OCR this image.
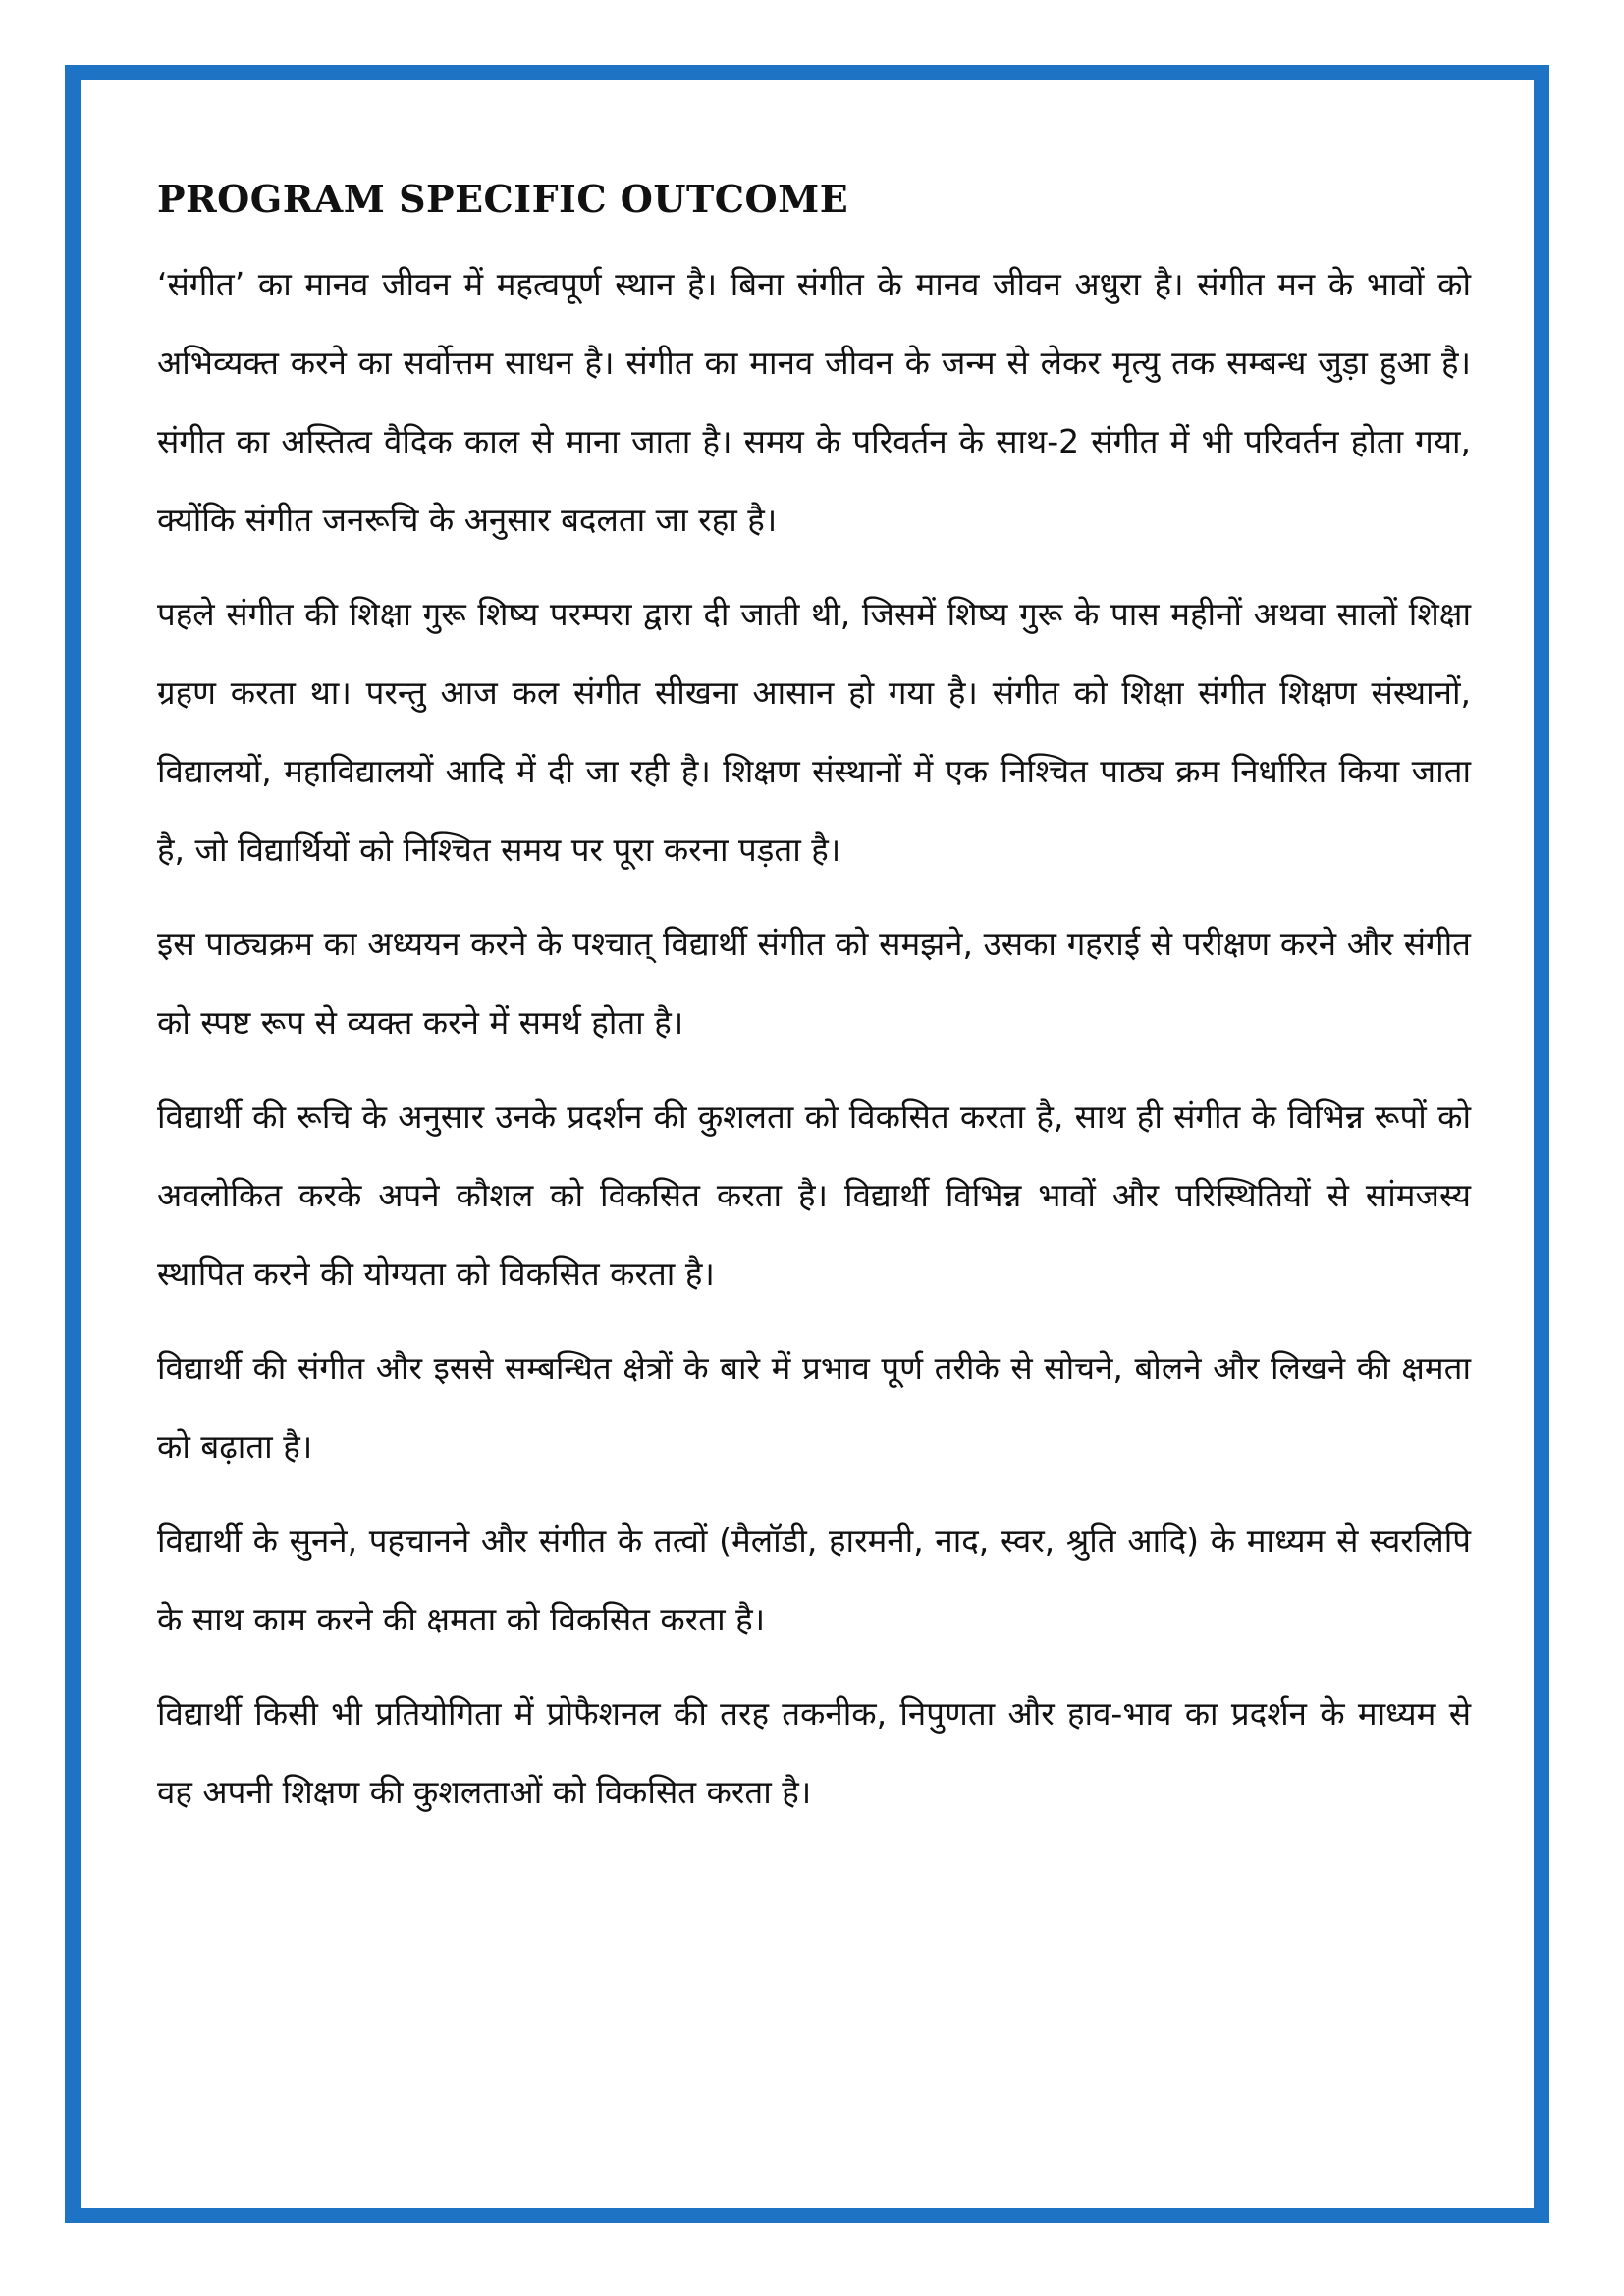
PROGRAM SPECIFIC OUTCOME

‘संगीत’ का मानव जीवन में महत्वपूर्ण स्थान है। बिना संगीत के मानव जीवन अधुरा है। संगीत मन के भावों को अभिव्यक्त करने का सर्वोत्तम साधन है। संगीत का मानव जीवन के जन्म से लेकर मृत्यु तक सम्बन्ध जुड़ा हुआ है। संगीत का अस्तित्व वैदिक काल से माना जाता है। समय के परिवर्तन के साथ-2 संगीत में भी परिवर्तन होता गया, क्योंकि संगीत जनरूचि के अनुसार बदलता जा रहा है।

पहले संगीत की शिक्षा गुरू शिष्य परम्परा द्वारा दी जाती थी, जिसमें शिष्य गुरू के पास महीनों अथवा सालों शिक्षा ग्रहण करता था। परन्तु आज कल संगीत सीखना आसान हो गया है। संगीत को शिक्षा संगीत शिक्षण संस्थानों, विद्यालयों, महाविद्यालयों आदि में दी जा रही है। शिक्षण संस्थानों में एक निश्चित पाठ्य क्रम निर्धारित किया जाता है, जो विद्यार्थियों को निश्चित समय पर पूरा करना पड़ता है।

इस पाठ्यक्रम का अध्ययन करने के पश्चात् विद्यार्थी संगीत को समझने, उसका गहराई से परीक्षण करने और संगीत को स्पष्ट रूप से व्यक्त करने में समर्थ होता है।

विद्यार्थी की रूचि के अनुसार उनके प्रदर्शन की कुशलता को विकसित करता है, साथ ही संगीत के विभिन्न रूपों को अवलोकित करके अपने कौशल को विकसित करता है। विद्यार्थी विभिन्न भावों और परिस्थितियों से सांमजस्य स्थापित करने की योग्यता को विकसित करता है।

विद्यार्थी की संगीत और इससे सम्बन्धित क्षेत्रों के बारे में प्रभाव पूर्ण तरीके से सोचने, बोलने और लिखने की क्षमता को बढ़ाता है।

विद्यार्थी के सुनने, पहचानने और संगीत के तत्वों (मैलॉडी, हारमनी, नाद, स्वर, श्रुति आदि) के माध्यम से स्वरलिपि के साथ काम करने की क्षमता को विकसित करता है।

विद्यार्थी किसी भी प्रतियोगिता में प्रोफैशनल की तरह तकनीक, निपुणता और हाव-भाव का प्रदर्शन के माध्यम से वह अपनी शिक्षण की कुशलताओं को विकसित करता है।
